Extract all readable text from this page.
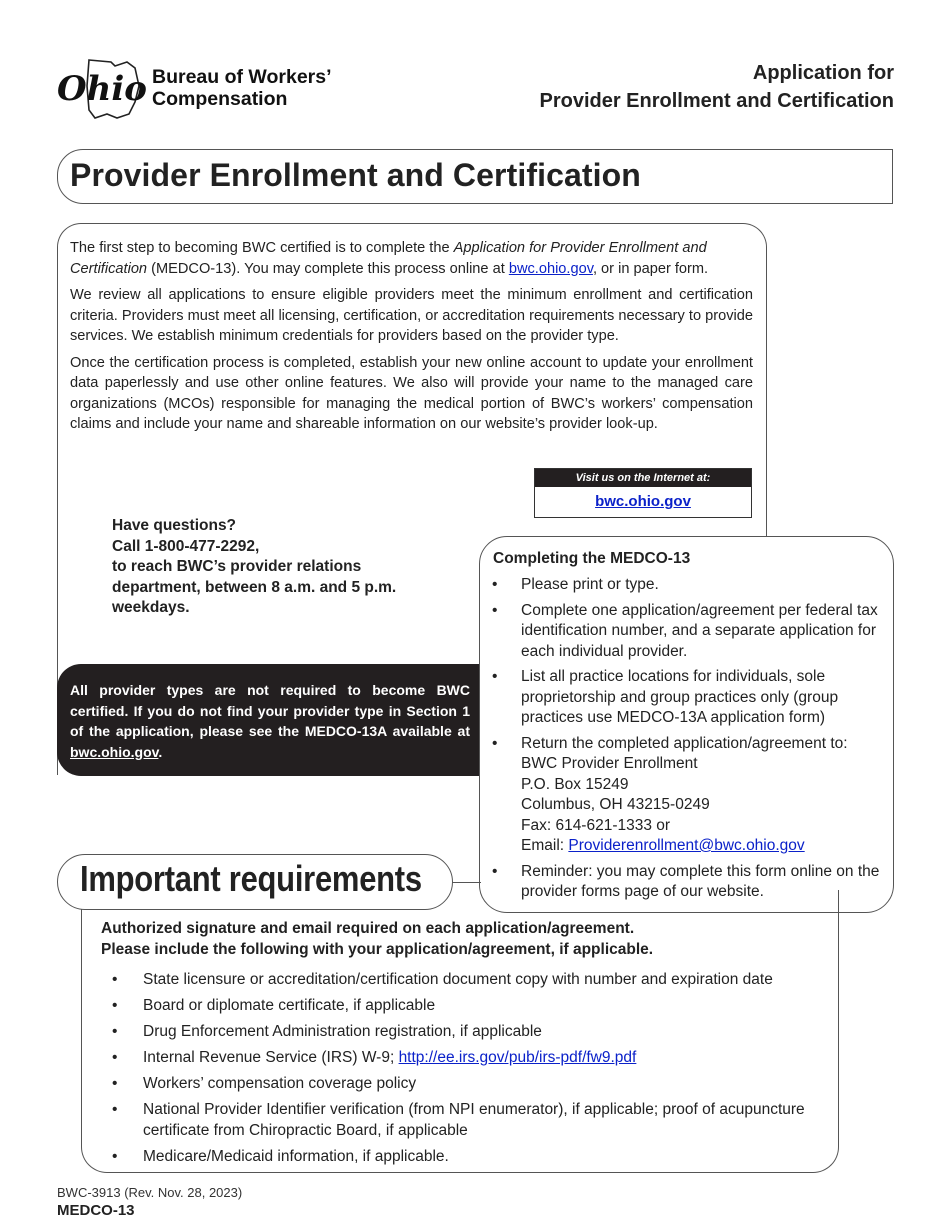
Ohio Bureau of Workers’
Compensation
Application for
Provider Enrollment and Certification
Provider Enrollment and Certification

The first step to becoming BWC certified is to complete the Application for Provider Enrollment and Certification (MEDCO-13). You may complete this process online at bwc.ohio.gov, or in paper form.

We review all applications to ensure eligible providers meet the minimum enrollment and certification criteria. Providers must meet all licensing, certification, or accreditation requirements necessary to provide services. We establish minimum credentials for providers based on the provider type.

Once the certification process is completed, establish your new online account to update your enrollment data paperlessly and use other online features. We also will provide your name to the managed care organizations (MCOs) responsible for managing the medical portion of BWC’s workers’ compensation claims and include your name and shareable information on our website’s provider look-up.

Visit us on the Internet at:
bwc.ohio.gov
Have questions?
Call 1-800-477-2292,
to reach BWC’s provider relations
department, between 8 a.m. and 5 p.m.
weekdays.
All provider types are not required to become BWC certified. If you do not find your provider type in Section 1 of the application, please see the MEDCO-13A available at bwc.ohio.gov.
Completing the MEDCO-13
• Please print or type.
• Complete one application/agreement per federal tax identification number, and a separate application for each individual provider.
• List all practice locations for individuals, sole proprietorship and group practices only (group practices use MEDCO-13A application form)
• Return the completed application/agreement to:
BWC Provider Enrollment
P.O. Box 15249
Columbus, OH 43215-0249
Fax: 614-621-1333 or
Email: Providerenrollment@bwc.ohio.gov
• Reminder: you may complete this form online on the provider forms page of our website.
Important requirements
Authorized signature and email required on each application/agreement.
Please include the following with your application/agreement, if applicable.
• State licensure or accreditation/certification document copy with number and expiration date
• Board or diplomate certificate, if applicable
• Drug Enforcement Administration registration, if applicable
• Internal Revenue Service (IRS) W-9; http://ee.irs.gov/pub/irs-pdf/fw9.pdf
• Workers’ compensation coverage policy
• National Provider Identifier verification (from NPI enumerator), if applicable; proof of acupuncture certificate from Chiropractic Board, if applicable
• Medicare/Medicaid information, if applicable.
BWC-3913 (Rev. Nov. 28, 2023)
MEDCO-13
